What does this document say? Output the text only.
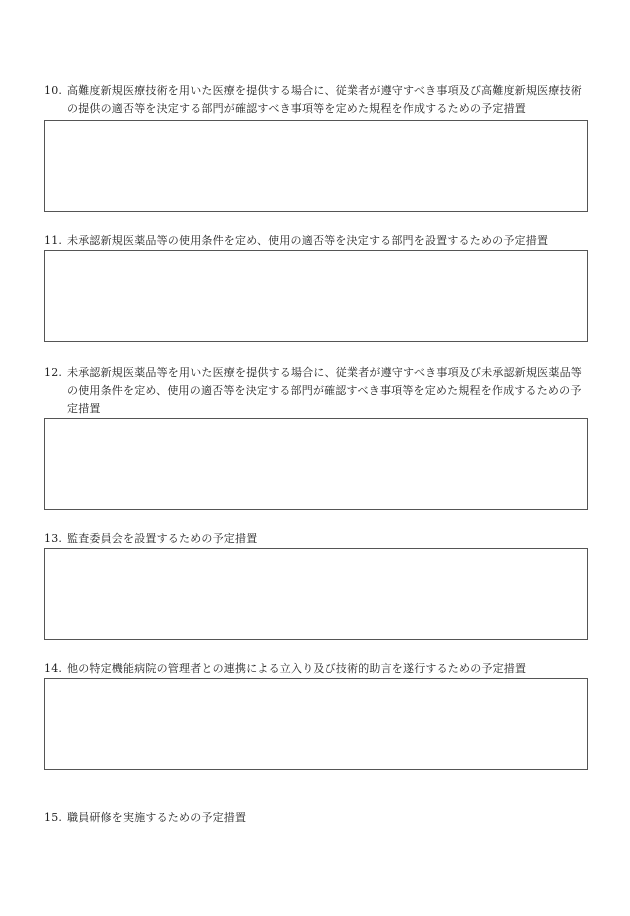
10. 高難度新規医療技術を用いた医療を提供する場合に、従業者が遵守すべき事項及び高難度新規医療技術の提供の適否等を決定する部門が確認すべき事項等を定めた規程を作成するための予定措置
11. 未承認新規医薬品等の使用条件を定め、使用の適否等を決定する部門を設置するための予定措置
12. 未承認新規医薬品等を用いた医療を提供する場合に、従業者が遵守すべき事項及び未承認新規医薬品等の使用条件を定め、使用の適否等を決定する部門が確認すべき事項等を定めた規程を作成するための予定措置
13. 監査委員会を設置するための予定措置
14. 他の特定機能病院の管理者との連携による立入り及び技術的助言を遂行するための予定措置
15. 職員研修を実施するための予定措置
